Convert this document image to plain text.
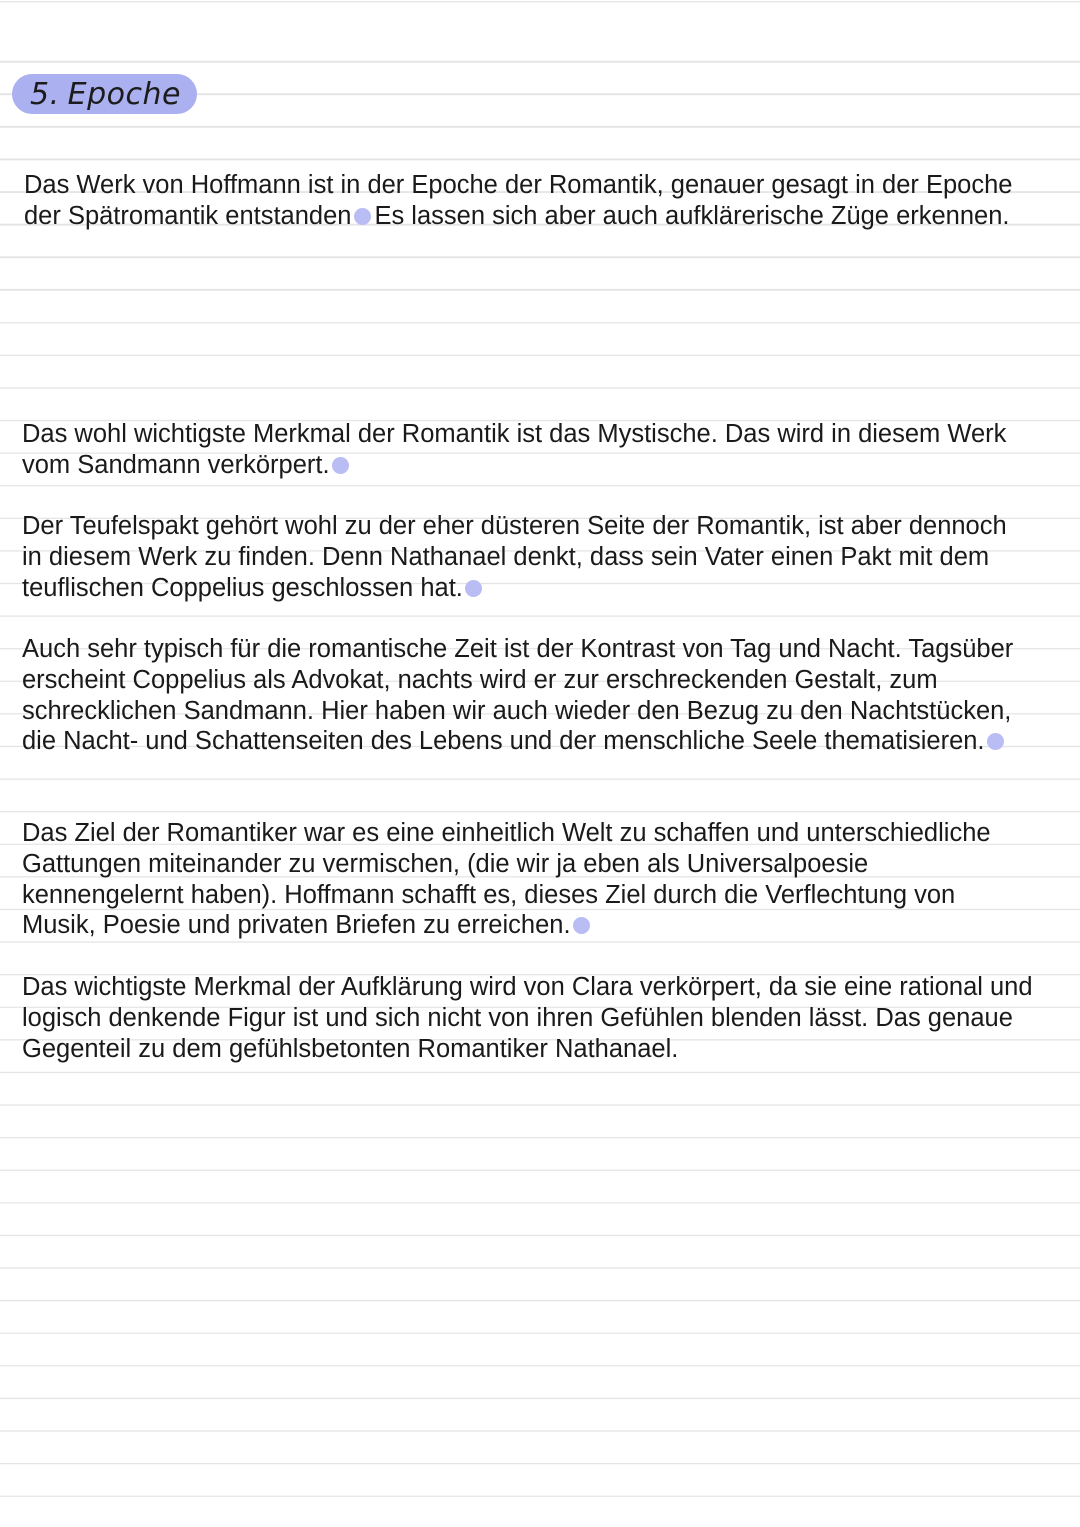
5. Epoche

Das Werk von Hoffmann ist in der Epoche der Romantik, genauer gesagt in der Epoche der Spätromantik entstanden Es lassen sich aber auch aufklärerische Züge erkennen.

Das wohl wichtigste Merkmal der Romantik ist das Mystische. Das wird in diesem Werk vom Sandmann verkörpert.

Der Teufelspakt gehört wohl zu der eher düsteren Seite der Romantik, ist aber dennoch in diesem Werk zu finden. Denn Nathanael denkt, dass sein Vater einen Pakt mit dem teuflischen Coppelius geschlossen hat.

Auch sehr typisch für die romantische Zeit ist der Kontrast von Tag und Nacht. Tagsüber erscheint Coppelius als Advokat, nachts wird er zur erschreckenden Gestalt, zum schrecklichen Sandmann. Hier haben wir auch wieder den Bezug zu den Nachtstücken, die Nacht- und Schattenseiten des Lebens und der menschliche Seele thematisieren.

Das Ziel der Romantiker war es eine einheitlich Welt zu schaffen und unterschiedliche Gattungen miteinander zu vermischen, (die wir ja eben als Universalpoesie kennengelernt haben). Hoffmann schafft es, dieses Ziel durch die Verflechtung von Musik, Poesie und privaten Briefen zu erreichen.

Das wichtigste Merkmal der Aufklärung wird von Clara verkörpert, da sie eine rational und logisch denkende Figur ist und sich nicht von ihren Gefühlen blenden lässt. Das genaue Gegenteil zu dem gefühlsbetonten Romantiker Nathanael.
